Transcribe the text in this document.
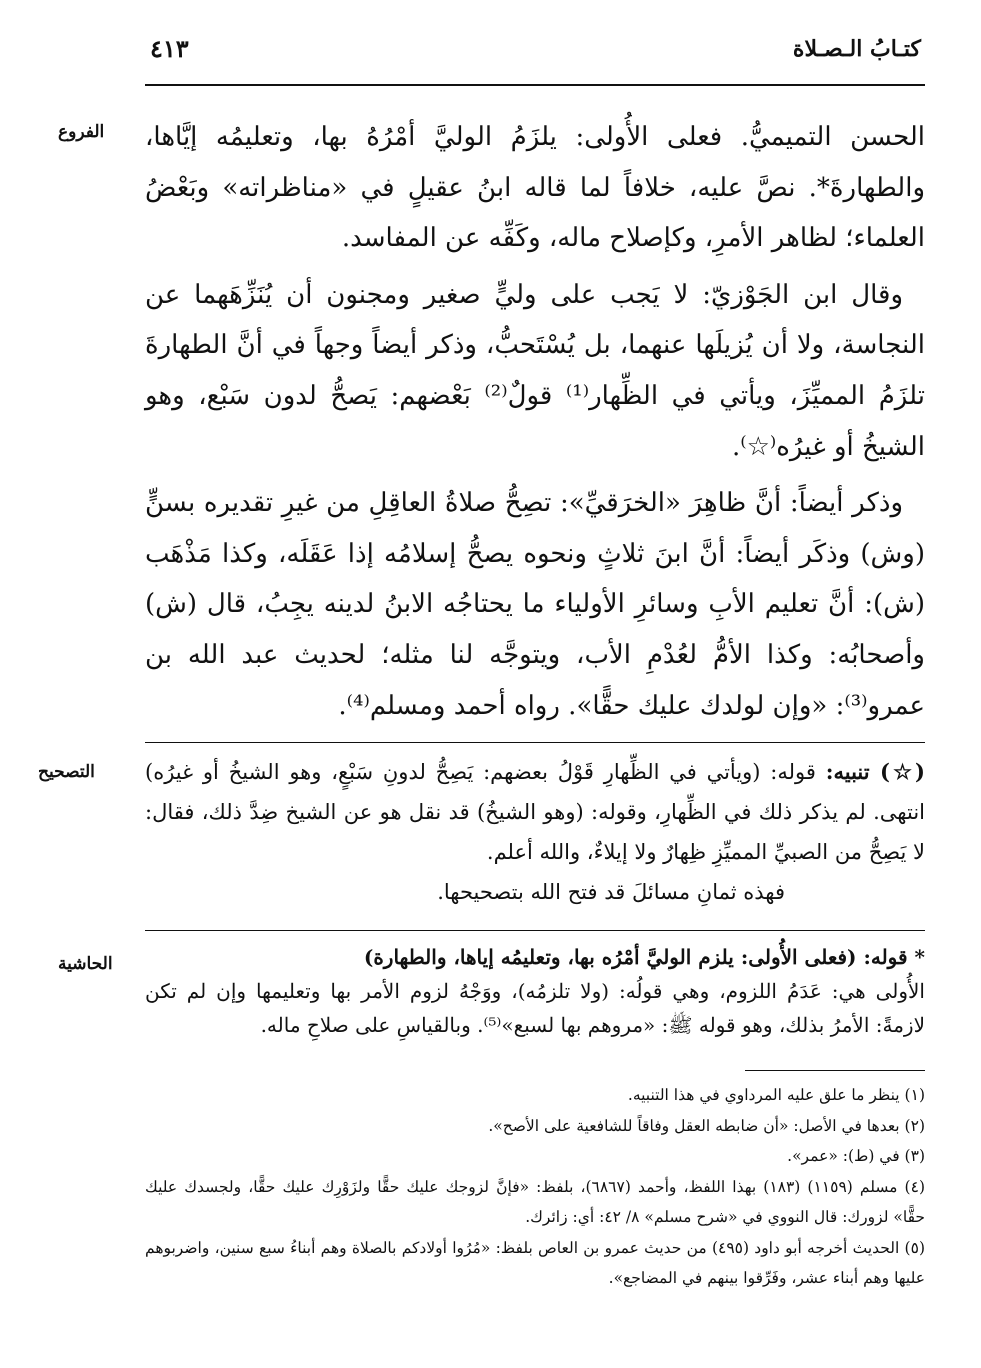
كتـابُ الـصـلاة
٤١٣
الفروع
التصحيح
الحاشية

الحسن التميميُّ. فعلى الأُولى: يلزَمُ الوليَّ أمْرُهُ بها، وتعليمُه إيَّاها، والطهارةَ*. نصَّ عليه، خلافاً لما قاله ابنُ عقيلٍ في «مناظراته» وبَعْضُ العلماء؛ لظاهر الأمرِ، وكإصلاح ماله، وكَفِّه عن المفاسد.

وقال ابن الجَوْزيّ: لا يَجب على وليٍّ صغير ومجنون أن يُنَزِّهَهما عن النجاسة، ولا أن يُزيلَها عنهما، بل يُسْتَحبُّ، وذكر أيضاً وجهاً في أنَّ الطهارةَ تلزَمُ المميِّزَ، ويأتي في الظِّهار⁽¹⁾ قولٌ⁽²⁾ بَعْضهم: يَصحُّ لدون سَبْع، وهو الشيخُ أو غيرُه⁽☆⁾.

وذكر أيضاً: أنَّ ظاهِرَ «الخرَقيِّ»: تصِحُّ صلاةُ العاقِلِ من غيرِ تقديره بسنٍّ (وش) وذكَر أيضاً: أنَّ ابنَ ثلاثٍ ونحوه يصحُّ إسلامُه إذا عَقَلَه، وكذا مَذْهَب (ش): أنَّ تعليم الأبِ وسائرِ الأولياء ما يحتاجُه الابنُ لدينه يجِبُ، قال (ش) وأصحابُه: وكذا الأمُّ لعُدْمِ الأب، ويتوجَّه لنا مثله؛ لحديث عبد الله بن عمرو⁽³⁾: «وإن لولدك عليك حقًّا». رواه أحمد ومسلم⁽⁴⁾.

(☆) تنبيه: قوله: (ويأتي في الظِّهارِ قَوْلُ بعضهم: يَصِحُّ لدونِ سَبْعٍ، وهو الشيخُ أو غيرُه) انتهى. لم يذكر ذلك في الظِّهارِ، وقوله: (وهو الشيخُ) قد نقل هو عن الشيخ ضِدَّ ذلك، فقال: لا يَصِحُّ من الصبيِّ المميِّزِ ظِهارٌ ولا إيلاءٌ، والله أعلم.

فهذه ثمانِ مسائلَ قد فتح الله بتصحيحها.

* قوله: (فعلى الأُولى: يلزم الوليَّ أمْرُه بها، وتعليمُه إياها، والطهارة)

الأُولى هي: عَدَمُ اللزوم، وهي قولُه: (ولا تلزمُه)، ووَجْهُ لزوم الأمر بها وتعليمها وإن لم تكن لازمةً: الأمرُ بذلك، وهو قوله ﷺ: «مروهم بها لسبع»⁽⁵⁾. وبالقياسِ على صلاحِ ماله.

(١) ينظر ما علق عليه المرداوي في هذا التنبيه.

(٢) بعدها في الأصل: «أن ضابطه العقل وفاقاً للشافعية على الأصح».

(٣) في (ط): «عمر».

(٤) مسلم (١١٥٩) (١٨٣) بهذا اللفظ، وأحمد (٦٨٦٧)، بلفظ: «فإنَّ لزوجك عليك حقًّا ولزَوْرِك عليك حقًّا، ولجسدك عليك حقًّا» لزورك: قال النووي في «شرح مسلم» ٨/ ٤٢: أي: زائرك.

(٥) الحديث أخرجه أبو داود (٤٩٥) من حديث عمرو بن العاص بلفظ: «مُرُوا أولادكم بالصلاة وهم أبناءُ سبع سنين، واضربوهم عليها وهم أبناء عشر، وفَرِّقوا بينهم في المضاجع».
